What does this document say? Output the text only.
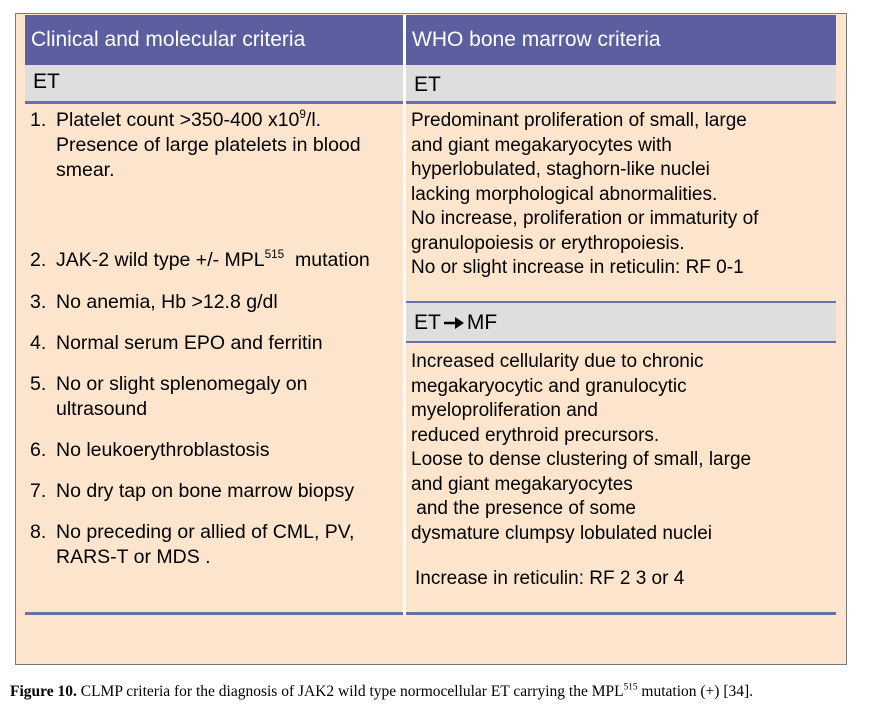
Clinical and molecular criteria	WHO bone marrow criteria
ET	ET
1. Platelet count >350-400 $x10^9/l$. Presence of large platelets in blood smear.
2. JAK-2 wild type +/- MPL$^{515}$  mutation
3. No anemia, Hb >12.8 g/dl
4. Normal serum EPO and ferritin
5. No or slight splenomegaly on ultrasound
6. No leukoerythroblastosis
7. No dry tap on bone marrow biopsy
8. No preceding or allied of CML, PV, RARS-T or MDS .
Predominant proliferation of small, large
and giant megakaryocytes with
hyperlobulated, staghorn-like nuclei
lacking morphological abnormalities.
No increase, proliferation or immaturity of
granulopoiesis or erythropoiesis.
No or slight increase in reticulin: RF 0-1
ET MF
Increased cellularity due to chronic
megakaryocytic and granulocytic
myeloproliferation and
reduced erythroid precursors.
Loose to dense clustering of small, large
and giant megakaryocytes
and the presence of some
dysmature clumpsy lobulated nuclei
Increase in reticulin: RF 2 3 or 4
Figure 10. CLMP criteria for the diagnosis of JAK2 wild type normocellular ET carrying the MPL$^{515}$ mutation (+) [34].
